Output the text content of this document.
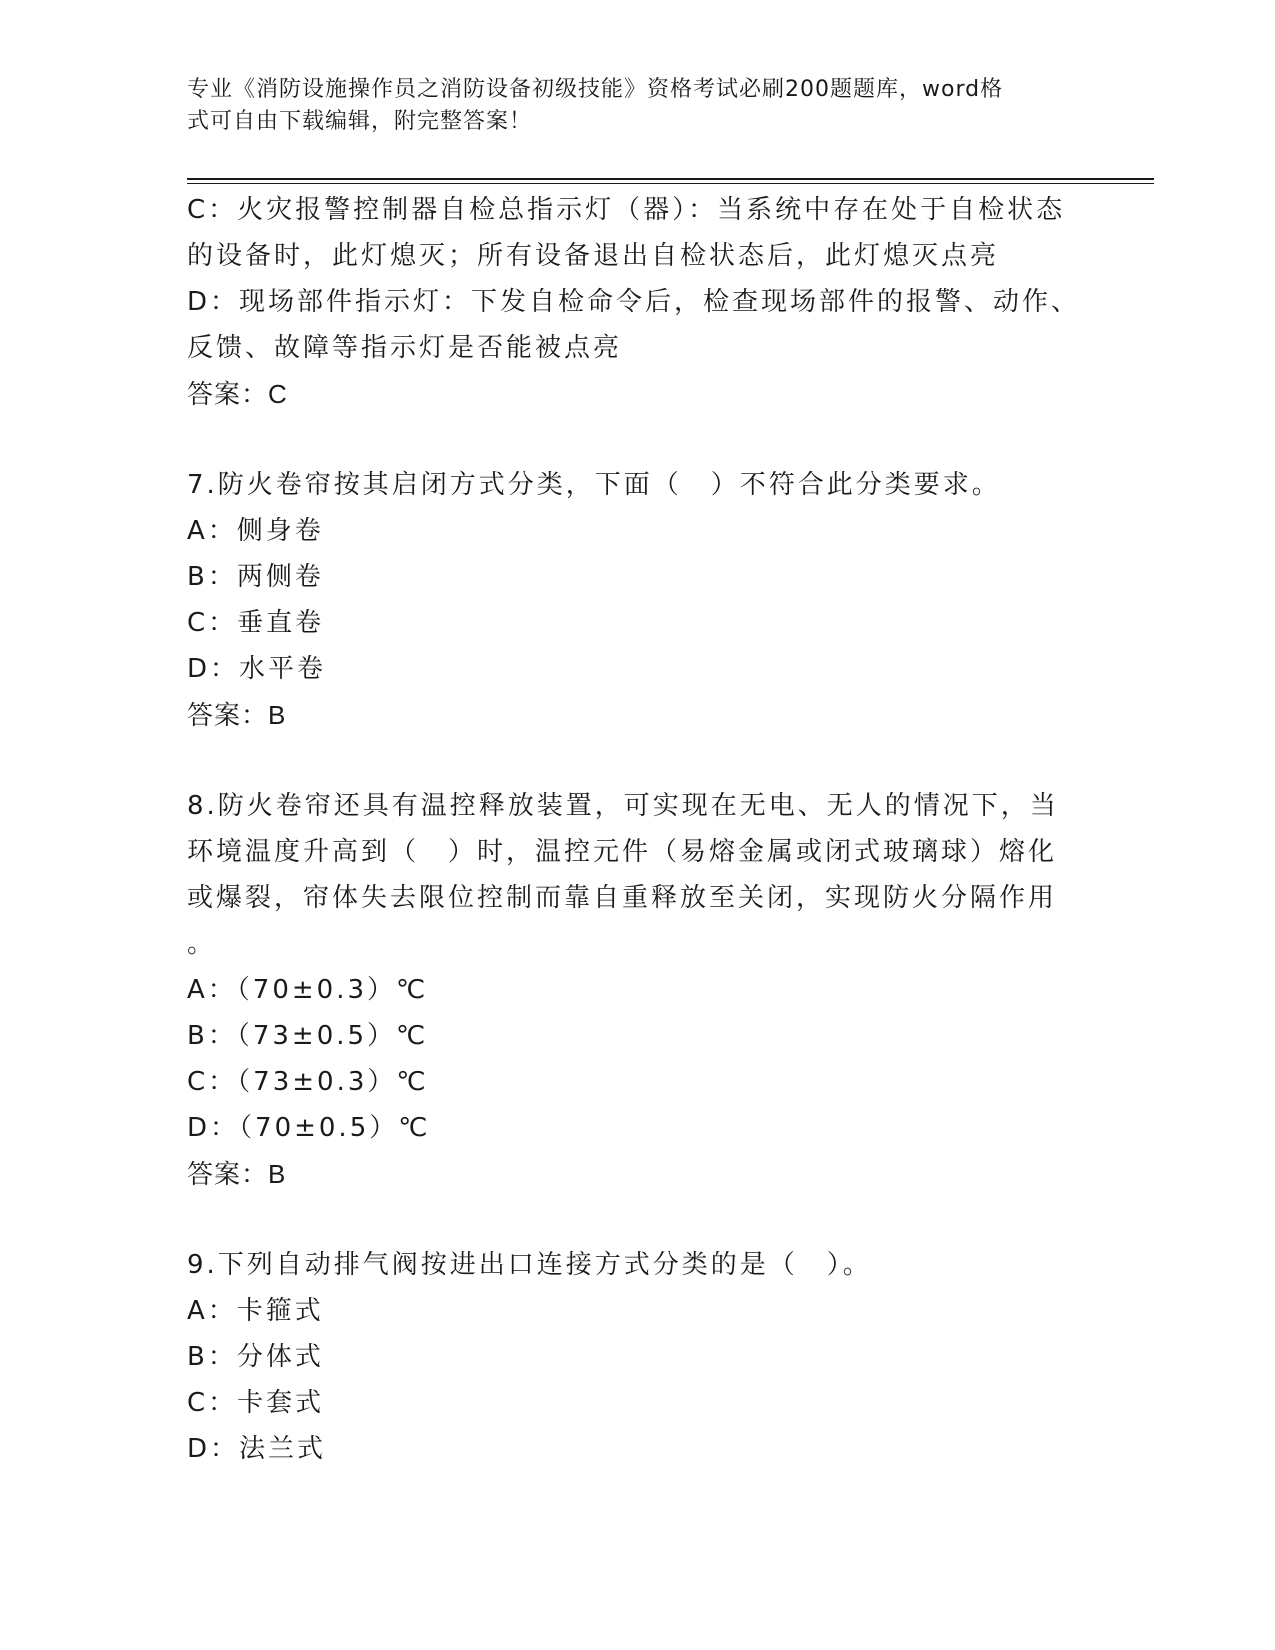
专业《消防设施操作员之消防设备初级技能》资格考试必刷200题题库，word格
式可自由下载编辑，附完整答案！
C：火灾报警控制器自检总指示灯（器）：当系统中存在处于自检状态
的设备时，此灯熄灭；所有设备退出自检状态后，此灯熄灭点亮
D：现场部件指示灯：下发自检命令后，检查现场部件的报警、动作、
反馈、故障等指示灯是否能被点亮
答案：C
7.防火卷帘按其启闭方式分类，下面（　）不符合此分类要求。
A：侧身卷
B：两侧卷
C：垂直卷
D：水平卷
答案：B
8.防火卷帘还具有温控释放装置，可实现在无电、无人的情况下，当
环境温度升高到（　）时，温控元件（易熔金属或闭式玻璃球）熔化
或爆裂，帘体失去限位控制而靠自重释放至关闭，实现防火分隔作用
。
A：（70±0.3）℃
B：（73±0.5）℃
C：（73±0.3）℃
D：（70±0.5）℃
答案：B
9.下列自动排气阀按进出口连接方式分类的是（　）。
A：卡箍式
B：分体式
C：卡套式
D：法兰式
